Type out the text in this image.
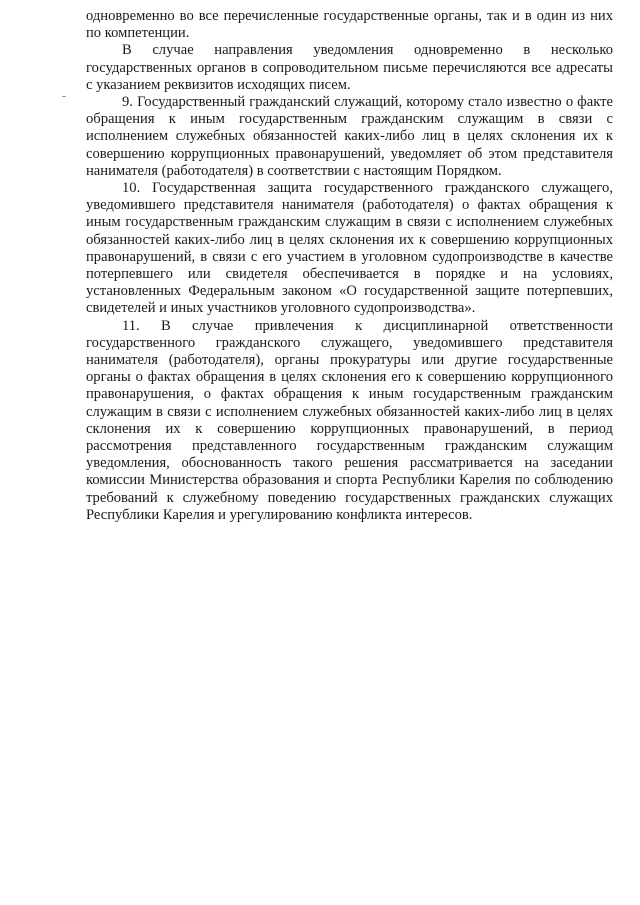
одновременно во все перечисленные государственные органы, так и в один из них по компетенции.

В случае направления уведомления одновременно в несколько государственных органов в сопроводительном письме перечисляются все адресаты с указанием реквизитов исходящих писем.

9. Государственный гражданский служащий, которому стало известно о факте обращения к иным государственным гражданским служащим в связи с исполнением служебных обязанностей каких-либо лиц в целях склонения их к совершению коррупционных правонарушений, уведомляет об этом представителя нанимателя (работодателя) в соответствии с настоящим Порядком.

10. Государственная защита государственного гражданского служащего, уведомившего представителя нанимателя (работодателя) о фактах обращения к иным государственным гражданским служащим в связи с исполнением служебных обязанностей каких-либо лиц в целях склонения их к совершению коррупционных правонарушений, в связи с его участием в уголовном судопроизводстве в качестве потерпевшего или свидетеля обеспечивается в порядке и на условиях, установленных Федеральным законом «О государственной защите потерпевших, свидетелей и иных участников уголовного судопроизводства».

11. В случае привлечения к дисциплинарной ответственности государственного гражданского служащего, уведомившего представителя нанимателя (работодателя), органы прокуратуры или другие государственные органы о фактах обращения в целях склонения его к совершению коррупционного правонарушения, о фактах обращения к иным государственным гражданским служащим в связи с исполнением служебных обязанностей каких-либо лиц в целях склонения их к совершению коррупционных правонарушений, в период рассмотрения представленного государственным гражданским служащим уведомления, обоснованность такого решения рассматривается на заседании комиссии Министерства образования и спорта Республики Карелия по соблюдению требований к служебному поведению государственных гражданских служащих Республики Карелия и урегулированию конфликта интересов.
